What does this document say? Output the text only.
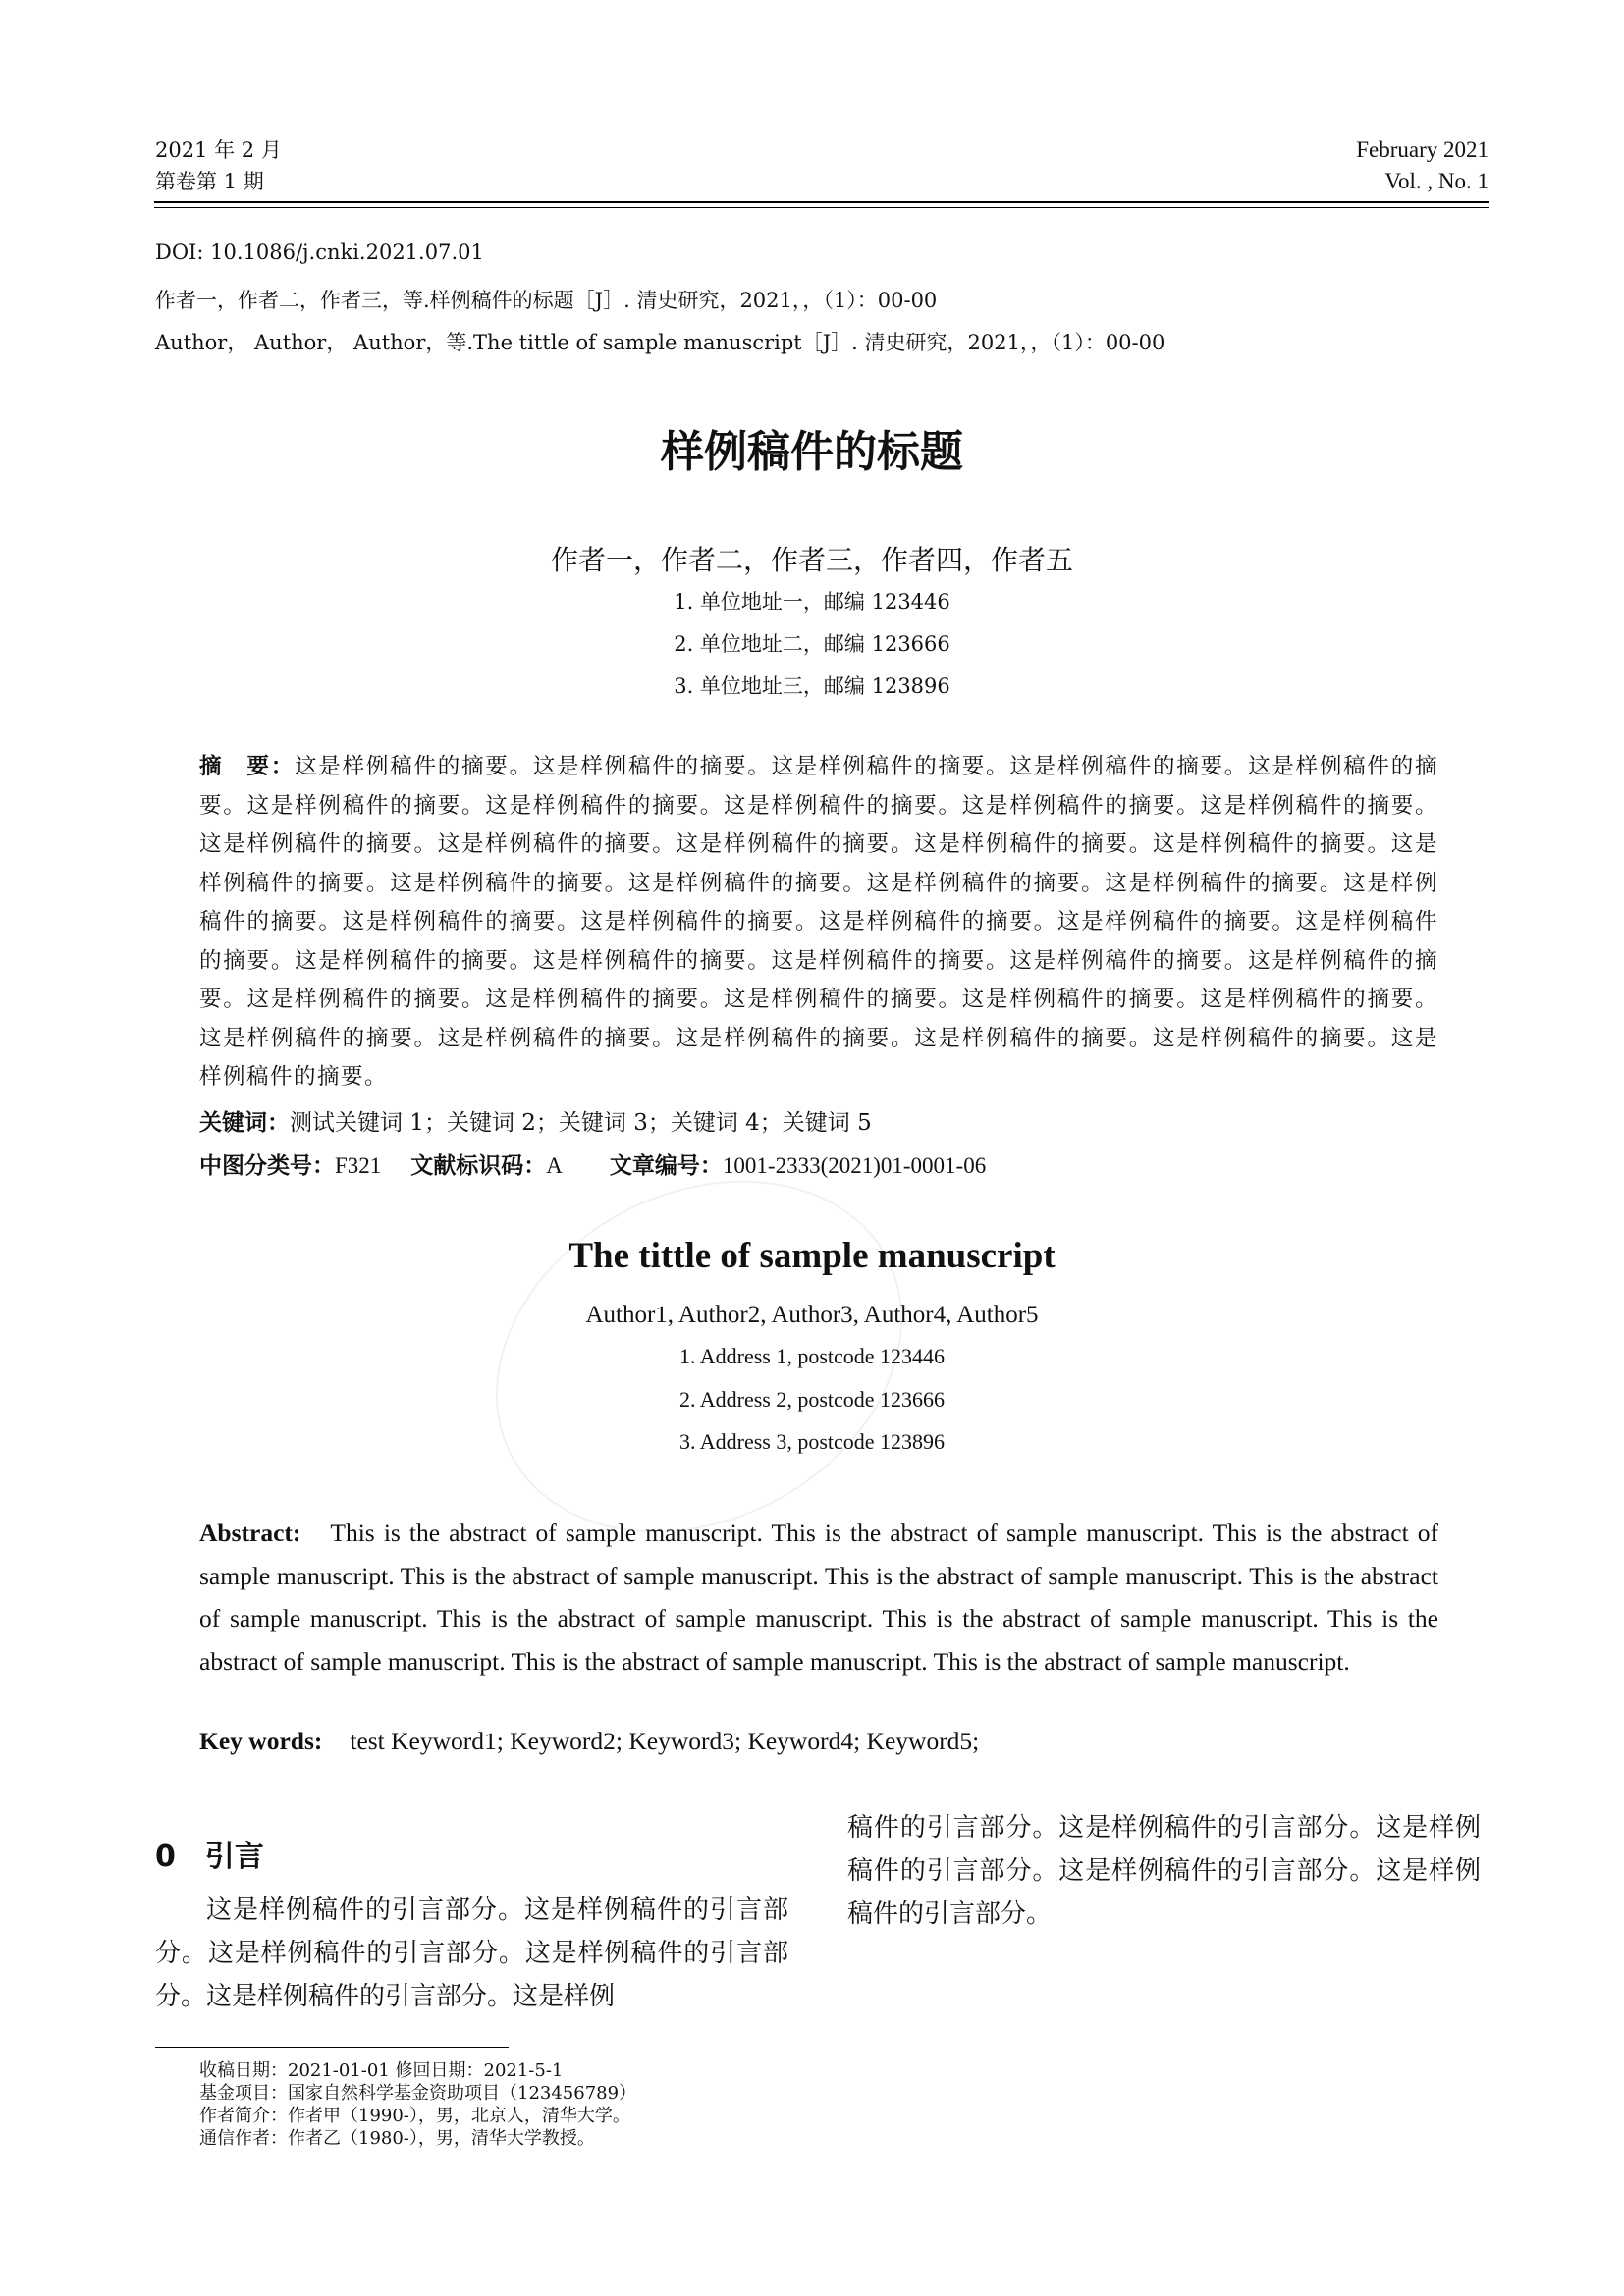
2021 年 2 月
第卷第 1 期
February 2021
Vol. , No. 1
DOI: 10.1086/j.cnki.2021.07.01
作者一，作者二，作者三，等.样例稿件的标题［J］. 清史研究，2021，，（1）：00-00
Author， Author， Author，等.The tittle of sample manuscript［J］. 清史研究，2021，，（1）：00-00
样例稿件的标题
作者一，作者二，作者三，作者四，作者五
1. 单位地址一，邮编 123446
2. 单位地址二，邮编 123666
3. 单位地址三，邮编 123896
摘　要：这是样例稿件的摘要。这是样例稿件的摘要。这是样例稿件的摘要。这是样例稿件的摘要。这是样例稿件的摘要。这是样例稿件的摘要。这是样例稿件的摘要。这是样例稿件的摘要。这是样例稿件的摘要。这是样例稿件的摘要。这是样例稿件的摘要。这是样例稿件的摘要。这是样例稿件的摘要。这是样例稿件的摘要。这是样例稿件的摘要。这是样例稿件的摘要。这是样例稿件的摘要。这是样例稿件的摘要。这是样例稿件的摘要。这是样例稿件的摘要。这是样例稿件的摘要。这是样例稿件的摘要。这是样例稿件的摘要。这是样例稿件的摘要。这是样例稿件的摘要。这是样例稿件的摘要。这是样例稿件的摘要。这是样例稿件的摘要。这是样例稿件的摘要。这是样例稿件的摘要。这是样例稿件的摘要。这是样例稿件的摘要。这是样例稿件的摘要。这是样例稿件的摘要。这是样例稿件的摘要。这是样例稿件的摘要。这是样例稿件的摘要。这是样例稿件的摘要。这是样例稿件的摘要。这是样例稿件的摘要。这是样例稿件的摘要。这是样例稿件的摘要。
关键词：测试关键词 1；关键词 2；关键词 3；关键词 4；关键词 5
中图分类号：F321 文献标识码：A 文章编号：1001-2333(2021)01-0001-06
The tittle of sample manuscript
Author1, Author2, Author3, Author4, Author5
1. Address 1, postcode 123446
2. Address 2, postcode 123666
3. Address 3, postcode 123896
Abstract: This is the abstract of sample manuscript. This is the abstract of sample manuscript. This is the abstract of sample manuscript. This is the abstract of sample manuscript. This is the abstract of sample manuscript. This is the abstract of sample manuscript. This is the abstract of sample manuscript. This is the abstract of sample manuscript. This is the abstract of sample manuscript. This is the abstract of sample manuscript. This is the abstract of sample manuscript.
Key words: test Keyword1; Keyword2; Keyword3; Keyword4; Keyword5;
0　引言
这是样例稿件的引言部分。这是样例稿件的引言部分。这是样例稿件的引言部分。这是样例稿件的引言部分。这是样例稿件的引言部分。这是样例
稿件的引言部分。这是样例稿件的引言部分。这是样例稿件的引言部分。这是样例稿件的引言部分。这是样例稿件的引言部分。
收稿日期：2021-01-01 修回日期：2021-5-1
基金项目：国家自然科学基金资助项目（123456789）
作者简介：作者甲（1990-），男，北京人，清华大学。
通信作者：作者乙（1980-），男，清华大学教授。
